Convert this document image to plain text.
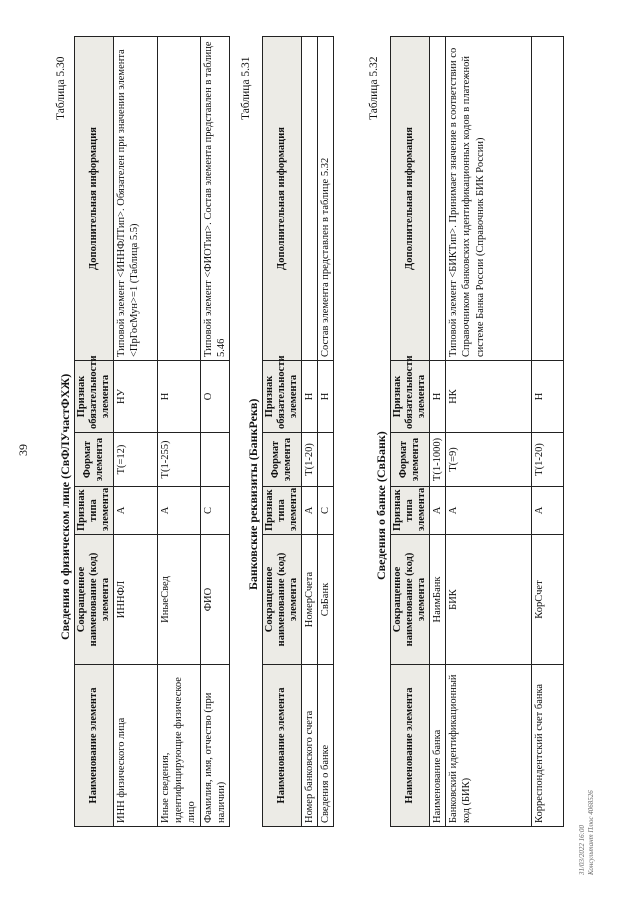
39
Таблица 5.30
Сведения о физическом лице (СвФЛУчастФХЖ)
Наименование элемента	Сокращенное наименование (код) элемента	Признак типа элемента	Формат элемента	Признак обязательности элемента	Дополнительная информация
ИНН физического лица	ИННФЛ	А	T(=12)	НУ	Типовой элемент <ИННФЛТип>. Обязателен при значении элемента <ПрГосМун>=1 (Таблица 5.5)
Иные сведения, идентифицирующие физическое лицо	ИныеСвед	А	T(1-255)	Н	
Фамилия, имя, отчество (при наличии)	ФИО	С		О	Типовой элемент <ФИОТип>. Состав элемента представлен в таблице 5.46
Таблица 5.31
Банковские реквизиты (БанкРекв)
Наименование элемента	Сокращенное наименование (код) элемента	Признак типа элемента	Формат элемента	Признак обязательности элемента	Дополнительная информация
Номер банковского счета	НомерСчета	А	T(1-20)	Н	
Сведения о банке	СвБанк	С		Н	Состав элемента представлен в таблице 5.32
Таблица 5.32
Сведения о банке (СвБанк)
Наименование элемента	Сокращенное наименование (код) элемента	Признак типа элемента	Формат элемента	Признак обязательности элемента	Дополнительная информация
Наименование банка	НаимБанк	А	T(1-1000)	Н	
Банковский идентификационный код (БИК)	БИК	А	T(=9)	НК	Типовой элемент <БИКТип>. Принимает значение в соответствии со Справочником банковских идентификационных кодов в платежной системе Банка России (Справочник БИК России)
Корреспондентский счет банка	КорСчет	А	T(1-20)	Н	
31/03/2022 16:00 Консультант Плюс 4068526
